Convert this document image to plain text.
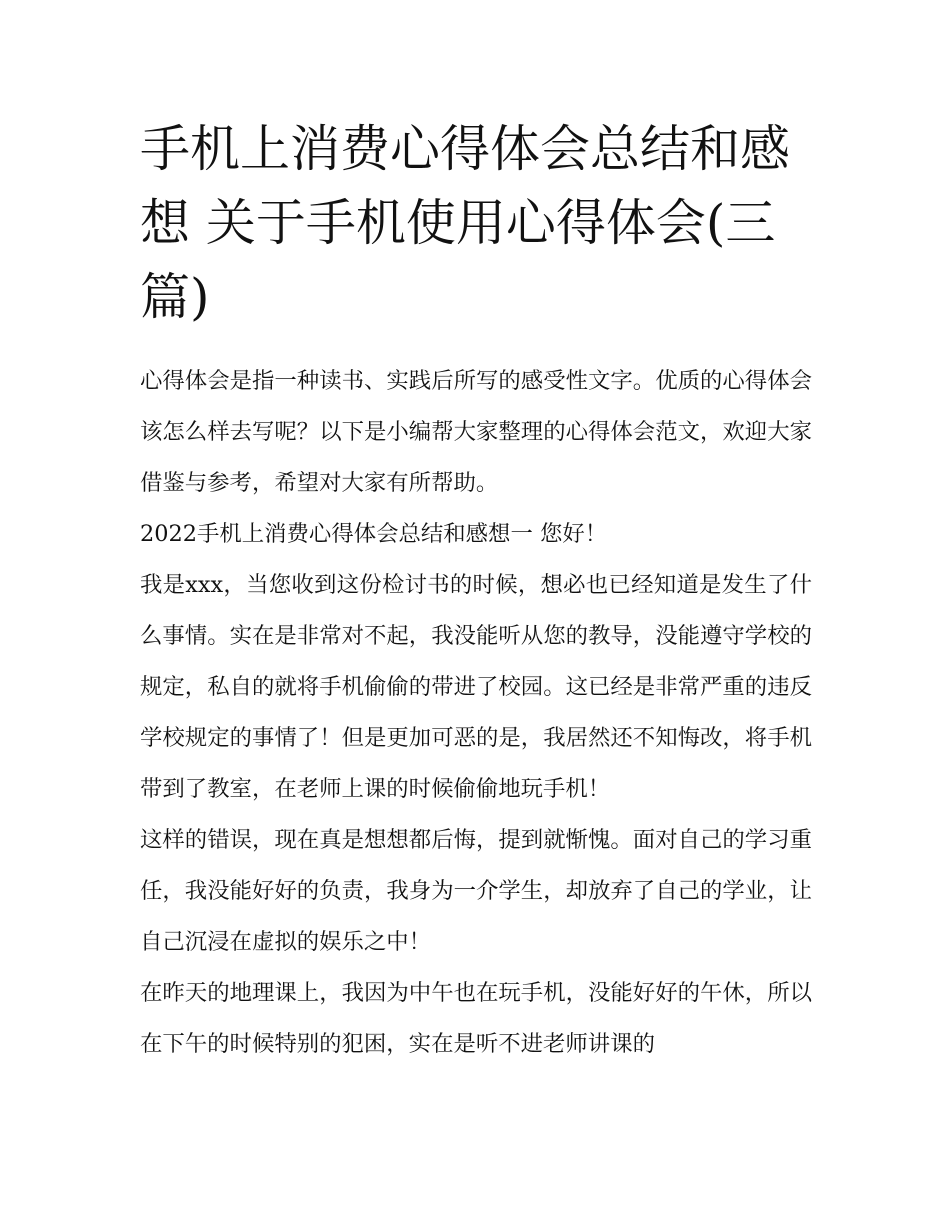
手机上消费心得体会总结和感想 关于手机使用心得体会(三篇)

心得体会是指一种读书、实践后所写的感受性文字。优质的心得体会该怎么样去写呢？以下是小编帮大家整理的心得体会范文，欢迎大家借鉴与参考，希望对大家有所帮助。

2022手机上消费心得体会总结和感想一 您好！

我是xxx，当您收到这份检讨书的时候，想必也已经知道是发生了什么事情。实在是非常对不起，我没能听从您的教导，没能遵守学校的规定，私自的就将手机偷偷的带进了校园。这已经是非常严重的违反学校规定的事情了！但是更加可恶的是，我居然还不知悔改，将手机带到了教室，在老师上课的时候偷偷地玩手机！

这样的错误，现在真是想想都后悔，提到就惭愧。面对自己的学习重任，我没能好好的负责，我身为一介学生，却放弃了自己的学业，让自己沉浸在虚拟的娱乐之中！

在昨天的地理课上，我因为中午也在玩手机，没能好好的午休，所以在下午的时候特别的犯困，实在是听不进老师讲课的
